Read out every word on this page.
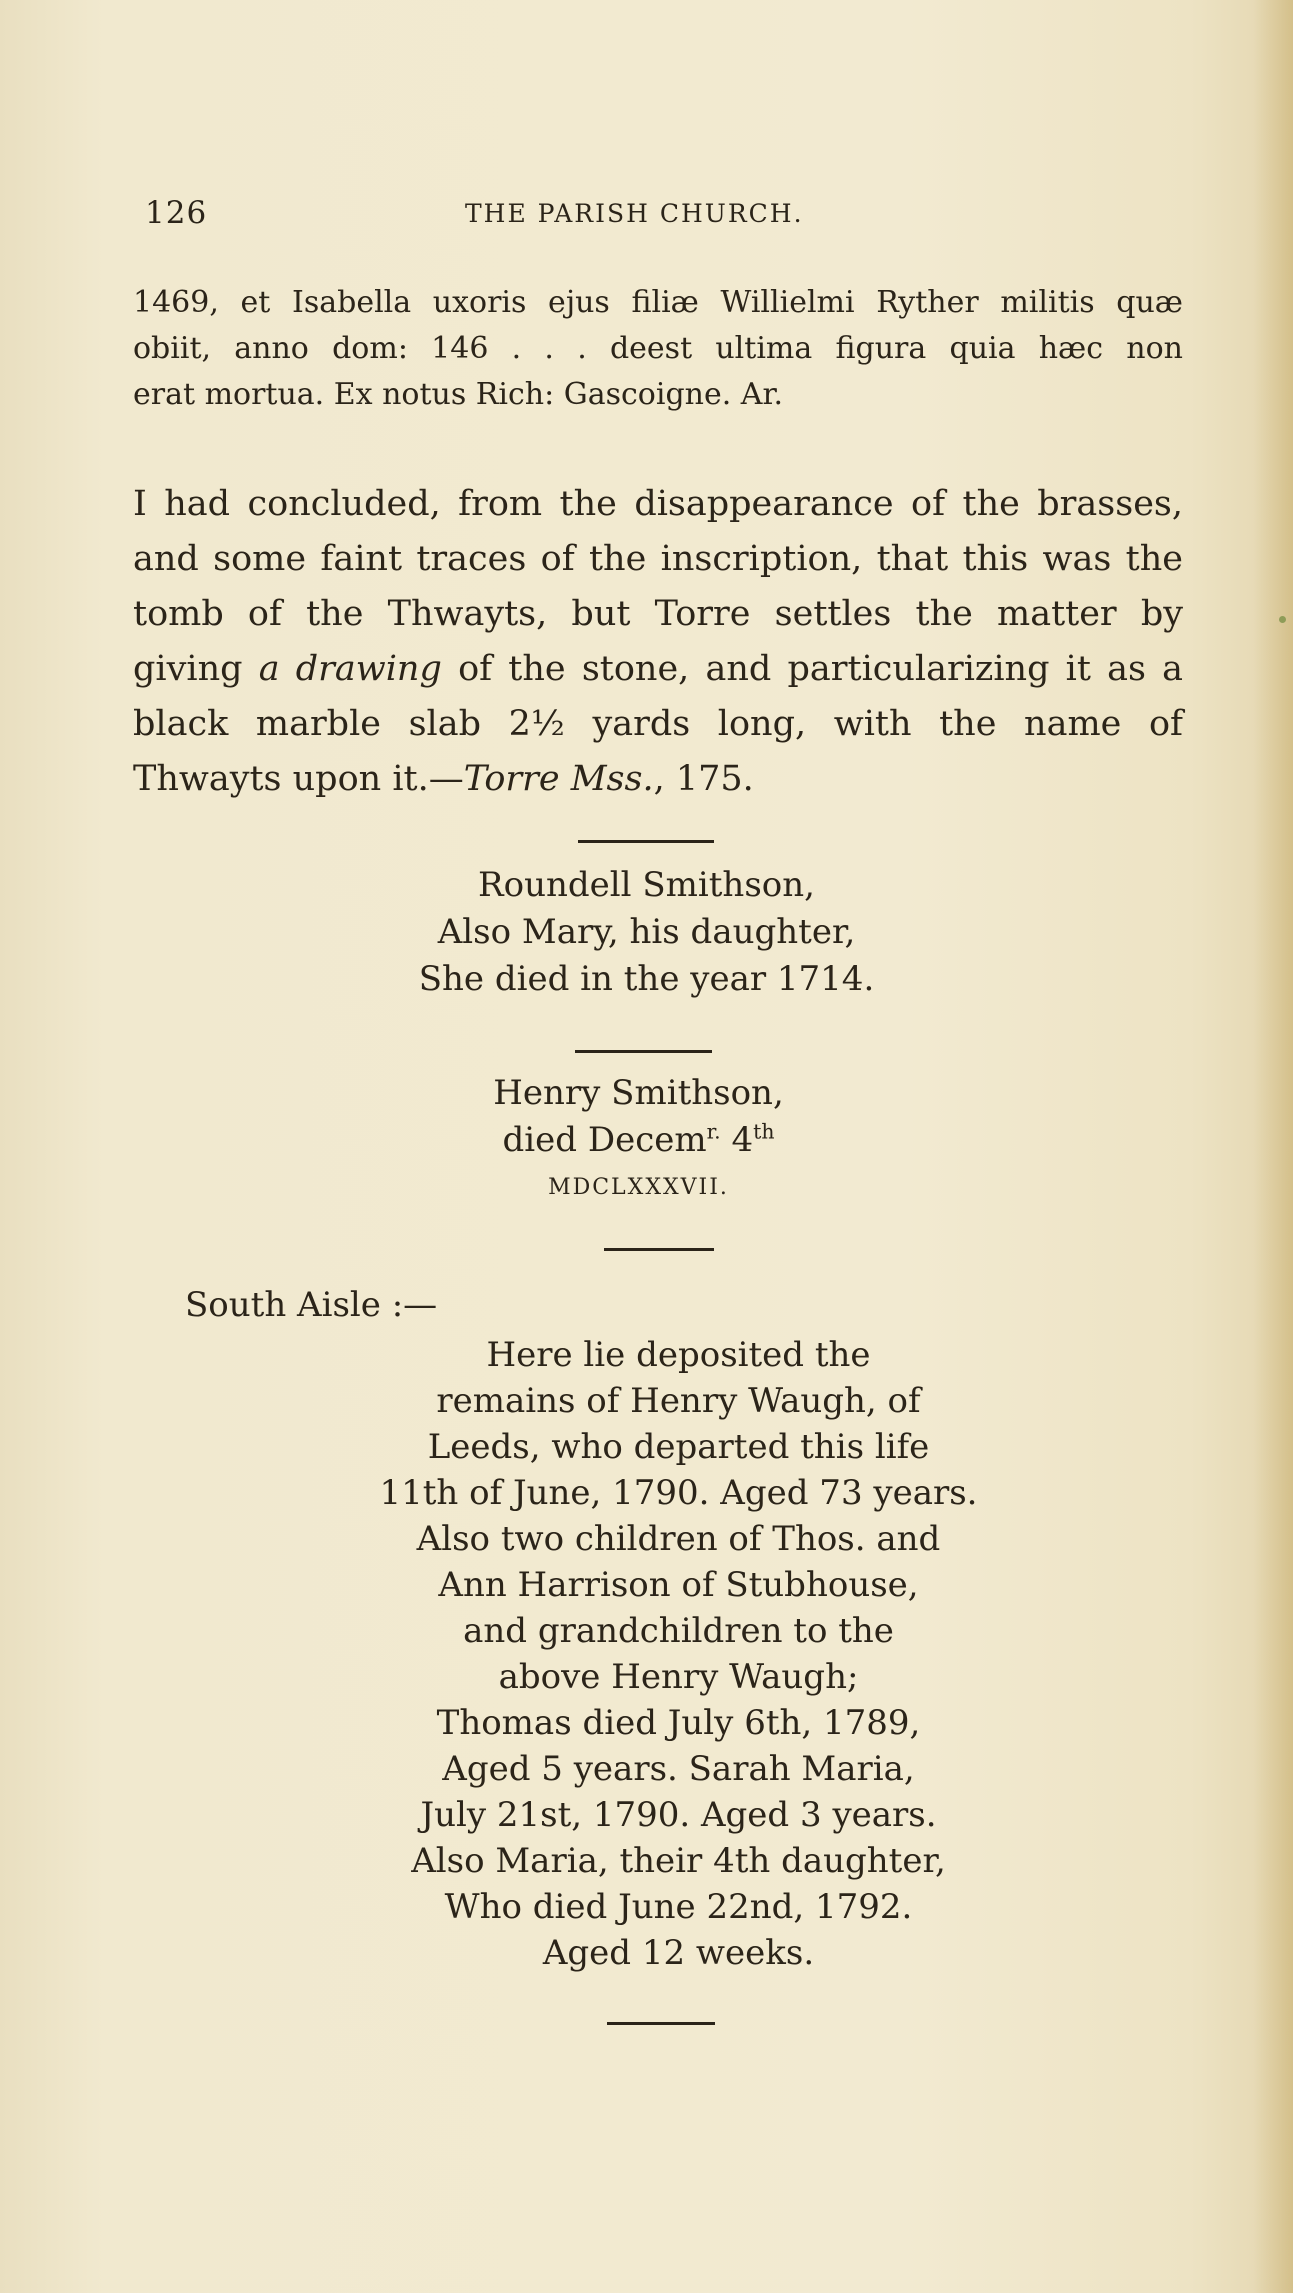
126	THE PARISH CHURCH.
1469, et Isabella uxoris ejus filiæ Willielmi Ryther militis quæ
obiit, anno dom: 146 . . . deest ultima figura quia hæc non
erat mortua. Ex notus Rich: Gascoigne. Ar.
I had concluded, from the disappearance of the brasses,
and some faint traces of the inscription, that this was the
tomb of the Thwayts, but Torre settles the matter by
giving a drawing of the stone, and particularizing it as a
black marble slab 2½ yards long, with the name of
Thwayts upon it.—Torre Mss., 175.
Roundell Smithson,
Also Mary, his daughter,
She died in the year 1714.
Henry Smithson,
died Decem$^{r.}$ 4th
MDCLXXXVII.
South Aisle :—
Here lie deposited the
remains of Henry Waugh, of
Leeds, who departed this life
11th of June, 1790. Aged 73 years.
Also two children of Thos. and
Ann Harrison of Stubhouse,
and grandchildren to the
above Henry Waugh;
Thomas died July 6th, 1789,
Aged 5 years. Sarah Maria,
July 21st, 1790. Aged 3 years.
Also Maria, their 4th daughter,
Who died June 22nd, 1792.
Aged 12 weeks.
